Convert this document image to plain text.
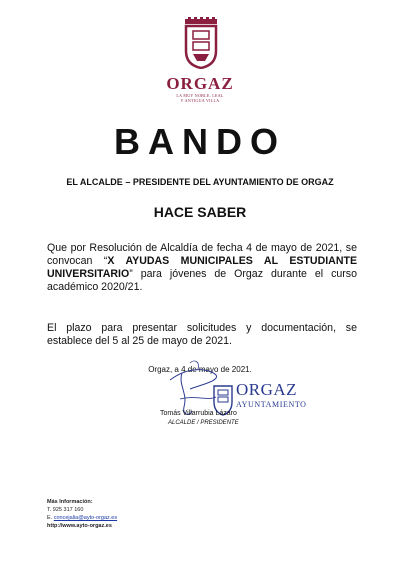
ORGAZ
LA MUY NOBLE, LEAL
Y ANTIGUA VILLA
BANDO
EL ALCALDE – PRESIDENTE DEL AYUNTAMIENTO DE ORGAZ
HACE SABER
Que por Resolución de Alcaldía de fecha 4 de mayo de 2021, se convocan “X AYUDAS MUNICIPALES AL ESTUDIANTE UNIVERSITARIO” para jóvenes de Orgaz durante el curso académico 2020/21.
El plazo para presentar solicitudes y documentación, se establece del 5 al 25 de mayo de 2021.
Orgaz, a 4 de mayo de 2021.
ORGAZ
AYUNTAMIENTO
Tomás Villarrubia Lázaro
ALCALDE / PRESIDENTE
Más Información:
T. 925 317 160
E. concejalia@ayto-orgaz.es
http://www.ayto-orgaz.es
